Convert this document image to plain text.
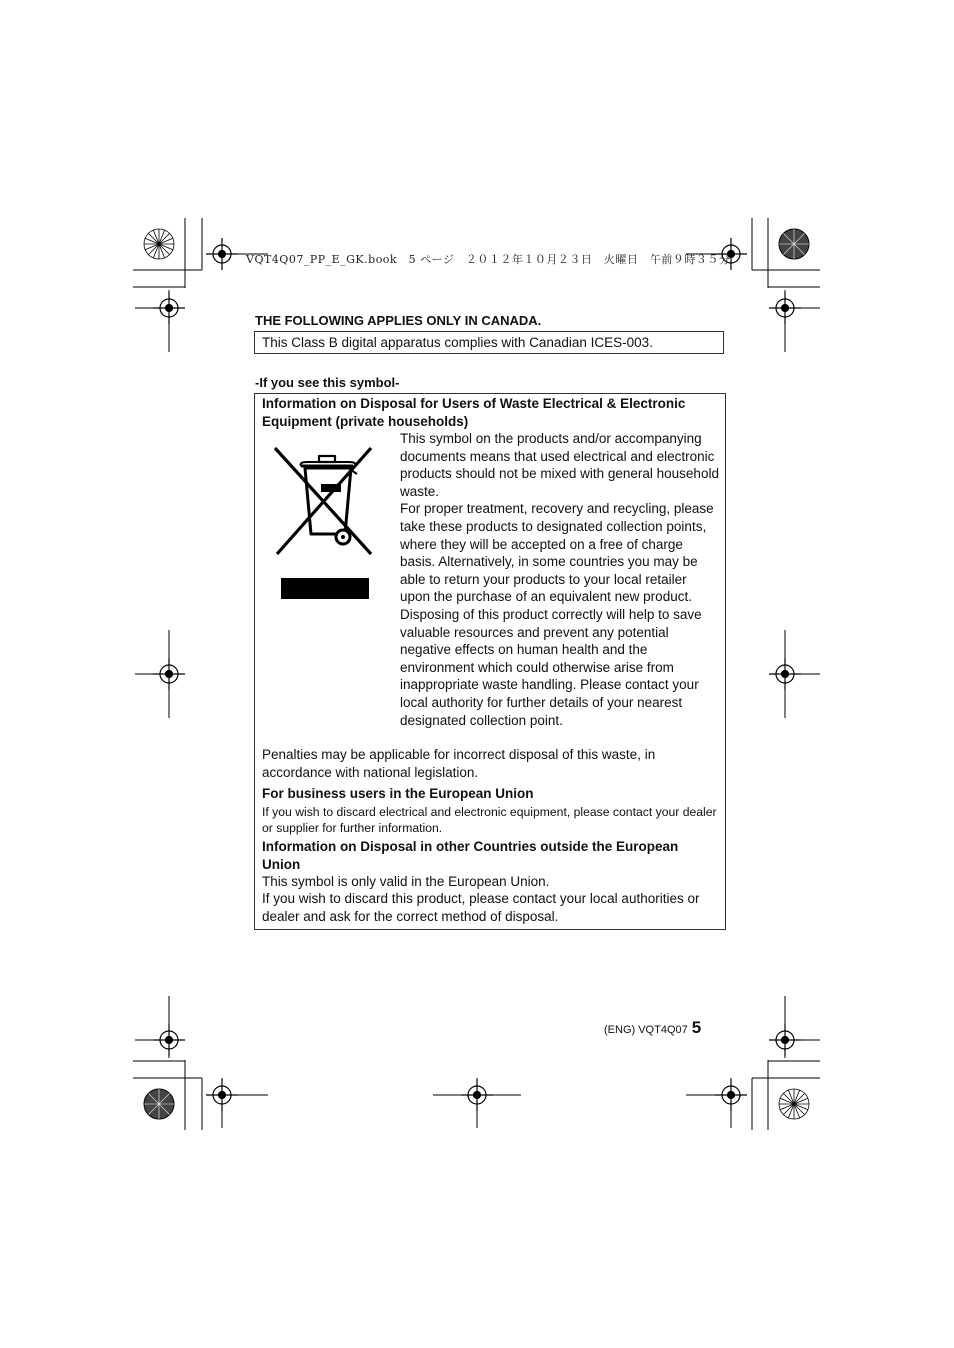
VQT4Q07_PP_E_GK.book　5 ページ　２０１２年１０月２３日　火曜日　午前９時３５分
THE FOLLOWING APPLIES ONLY IN CANADA.
This Class B digital apparatus complies with Canadian ICES-003.
-If you see this symbol-
Information on Disposal for Users of Waste Electrical & Electronic Equipment (private households)

This symbol on the products and/or accompanying documents means that used electrical and electronic products should not be mixed with general household waste.

For proper treatment, recovery and recycling, please take these products to designated collection points, where they will be accepted on a free of charge basis. Alternatively, in some countries you may be able to return your products to your local retailer upon the purchase of an equivalent new product.

Disposing of this product correctly will help to save valuable resources and prevent any potential negative effects on human health and the environment which could otherwise arise from inappropriate waste handling. Please contact your local authority for further details of your nearest designated collection point.

Penalties may be applicable for incorrect disposal of this waste, in accordance with national legislation.
For business users in the European Union
If you wish to discard electrical and electronic equipment, please contact your dealer or supplier for further information.
Information on Disposal in other Countries outside the European Union
This symbol is only valid in the European Union.
If you wish to discard this product, please contact your local authorities or dealer and ask for the correct method of disposal.
(ENG) VQT4Q07 5
